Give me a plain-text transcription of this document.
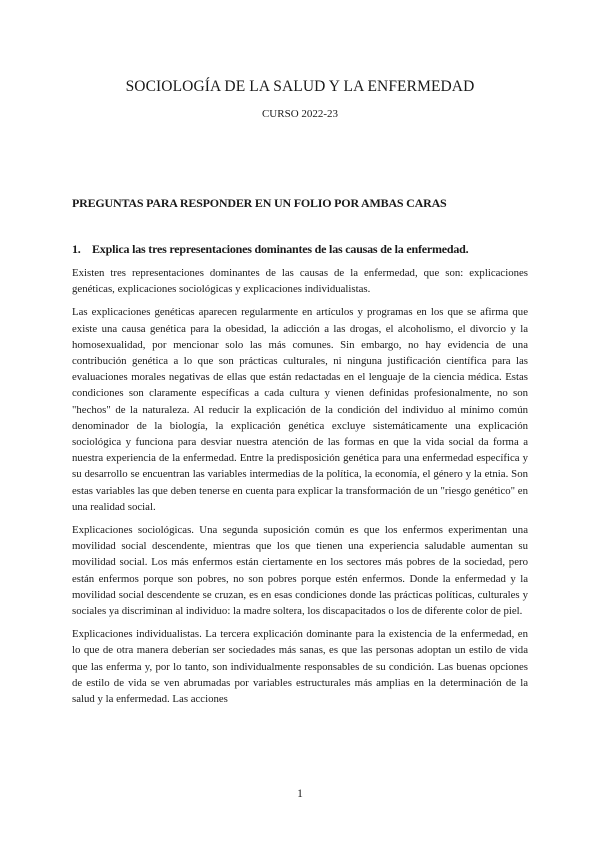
SOCIOLOGÍA DE LA SALUD Y LA ENFERMEDAD

CURSO 2022-23

PREGUNTAS PARA RESPONDER EN UN FOLIO POR AMBAS CARAS
1. Explica las tres representaciones dominantes de las causas de la enfermedad.

Existen tres representaciones dominantes de las causas de la enfermedad, que son: explicaciones genéticas, explicaciones sociológicas y explicaciones individualistas.

Las explicaciones genéticas aparecen regularmente en artículos y programas en los que se afirma que existe una causa genética para la obesidad, la adicción a las drogas, el alcoholismo, el divorcio y la homosexualidad, por mencionar solo las más comunes. Sin embargo, no hay evidencia de una contribución genética a lo que son prácticas culturales, ni ninguna justificación científica para las evaluaciones morales negativas de ellas que están redactadas en el lenguaje de la ciencia médica. Estas condiciones son claramente específicas a cada cultura y vienen definidas profesionalmente, no son "hechos" de la naturaleza. Al reducir la explicación de la condición del individuo al mínimo común denominador de la biología, la explicación genética excluye sistemáticamente una explicación sociológica y funciona para desviar nuestra atención de las formas en que la vida social da forma a nuestra experiencia de la enfermedad. Entre la predisposición genética para una enfermedad específica y su desarrollo se encuentran las variables intermedias de la política, la economía, el género y la etnia. Son estas variables las que deben tenerse en cuenta para explicar la transformación de un "riesgo genético" en una realidad social.

Explicaciones sociológicas. Una segunda suposición común es que los enfermos experimentan una movilidad social descendente, mientras que los que tienen una experiencia saludable aumentan su movilidad social. Los más enfermos están ciertamente en los sectores más pobres de la sociedad, pero están enfermos porque son pobres, no son pobres porque estén enfermos. Donde la enfermedad y la movilidad social descendente se cruzan, es en esas condiciones donde las prácticas políticas, culturales y sociales ya discriminan al individuo: la madre soltera, los discapacitados o los de diferente color de piel.

Explicaciones individualistas. La tercera explicación dominante para la existencia de la enfermedad, en lo que de otra manera deberían ser sociedades más sanas, es que las personas adoptan un estilo de vida que las enferma y, por lo tanto, son individualmente responsables de su condición. Las buenas opciones de estilo de vida se ven abrumadas por variables estructurales más amplias en la determinación de la salud y la enfermedad. Las acciones

1
